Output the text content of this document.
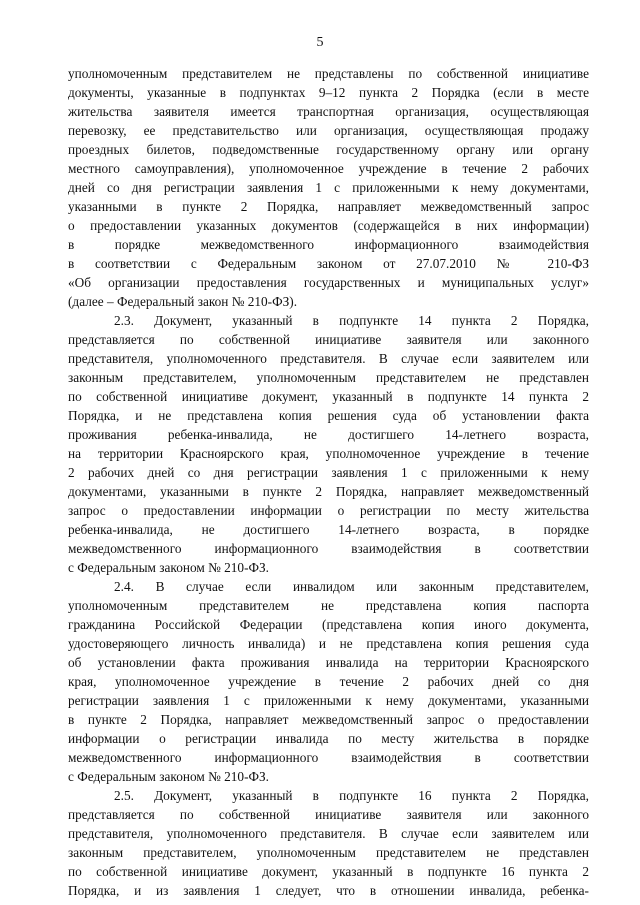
5
уполномоченным представителем не представлены по собственной инициативе
документы, указанные в подпунктах 9–12 пункта 2 Порядка (если в месте
жительства заявителя имеется транспортная организация, осуществляющая
перевозку, ее представительство или организация, осуществляющая продажу
проездных билетов, подведомственные государственному органу или органу
местного самоуправления), уполномоченное учреждение в течение 2 рабочих
дней со дня регистрации заявления 1 с приложенными к нему документами,
указанными в пункте 2 Порядка, направляет межведомственный запрос
о предоставлении указанных документов (содержащейся в них информации)
в порядке межведомственного информационного взаимодействия
в соответствии с Федеральным законом от 27.07.2010 № 210-ФЗ
«Об организации предоставления государственных и муниципальных услуг»
(далее – Федеральный закон № 210-ФЗ).
2.3. Документ, указанный в подпункте 14 пункта 2 Порядка,
представляется по собственной инициативе заявителя или законного
представителя, уполномоченного представителя. В случае если заявителем или
законным представителем, уполномоченным представителем не представлен
по собственной инициативе документ, указанный в подпункте 14 пункта 2
Порядка, и не представлена копия решения суда об установлении факта
проживания ребенка-инвалида, не достигшего 14-летнего возраста,
на территории Красноярского края, уполномоченное учреждение в течение
2 рабочих дней со дня регистрации заявления 1 с приложенными к нему
документами, указанными в пункте 2 Порядка, направляет межведомственный
запрос о предоставлении информации о регистрации по месту жительства
ребенка-инвалида, не достигшего 14-летнего возраста, в порядке
межведомственного информационного взаимодействия в соответствии
с Федеральным законом № 210-ФЗ.
2.4. В случае если инвалидом или законным представителем,
уполномоченным представителем не представлена копия паспорта
гражданина Российской Федерации (представлена копия иного документа,
удостоверяющего личность инвалида) и не представлена копия решения суда
об установлении факта проживания инвалида на территории Красноярского
края, уполномоченное учреждение в течение 2 рабочих дней со дня
регистрации заявления 1 с приложенными к нему документами, указанными
в пункте 2 Порядка, направляет межведомственный запрос о предоставлении
информации о регистрации инвалида по месту жительства в порядке
межведомственного информационного взаимодействия в соответствии
с Федеральным законом № 210-ФЗ.
2.5. Документ, указанный в подпункте 16 пункта 2 Порядка,
представляется по собственной инициативе заявителя или законного
представителя, уполномоченного представителя. В случае если заявителем или
законным представителем, уполномоченным представителем не представлен
по собственной инициативе документ, указанный в подпункте 16 пункта 2
Порядка, и из заявления 1 следует, что в отношении инвалида, ребенка-
